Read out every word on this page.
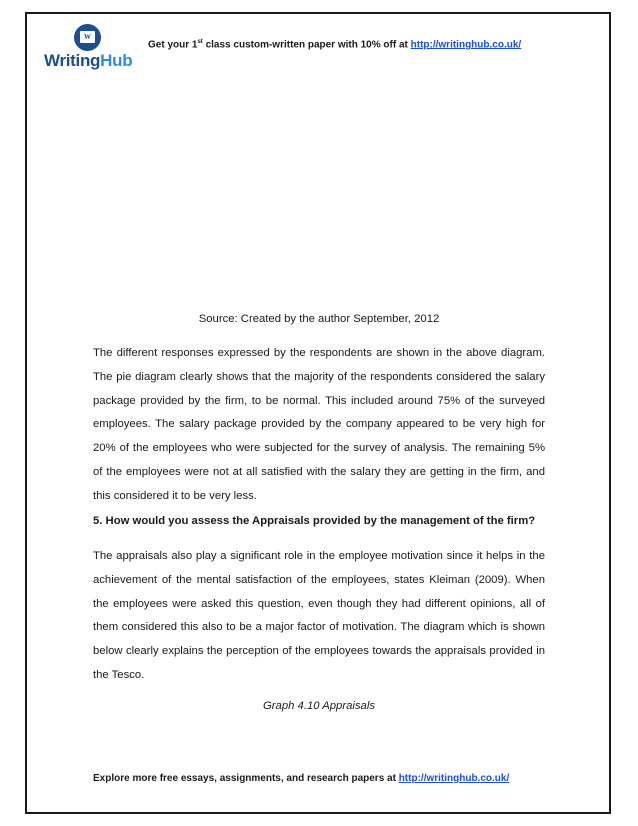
W
WritingHub
Get your 1st class custom-written paper with 10% off at http://writinghub.co.uk/
Source: Created by the author September, 2012

The different responses expressed by the respondents are shown in the above diagram. The pie diagram clearly shows that the majority of the respondents considered the salary package provided by the firm, to be normal. This included around 75% of the surveyed employees. The salary package provided by the company appeared to be very high for 20% of the employees who were subjected for the survey of analysis. The remaining 5% of the employees were not at all satisfied with the salary they are getting in the firm, and this considered it to be very less.

5. How would you assess the Appraisals provided by the management of the firm?

The appraisals also play a significant role in the employee motivation since it helps in the achievement of the mental satisfaction of the employees, states Kleiman (2009). When the employees were asked this question, even though they had different opinions, all of them considered this also to be a major factor of motivation. The diagram which is shown below clearly explains the perception of the employees towards the appraisals provided in the Tesco.

Graph 4.10 Appraisals
Explore more free essays, assignments, and research papers at http://writinghub.co.uk/
